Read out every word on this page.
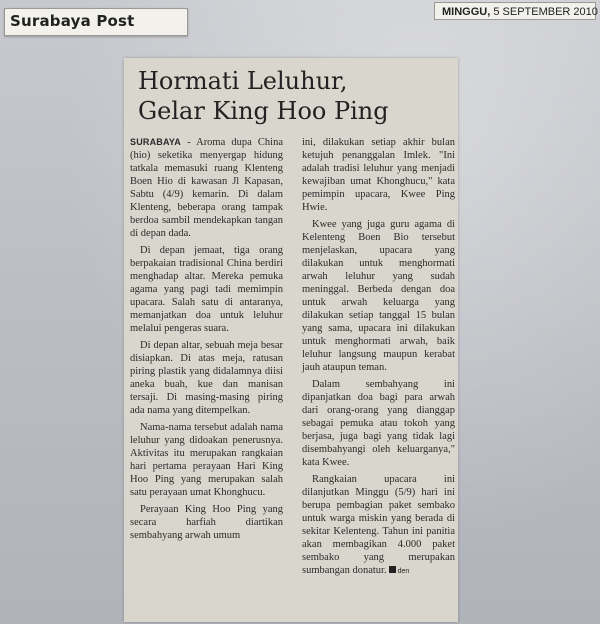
Surabaya Post	MINGGU, 5 SEPTEMBER 2010
Hormati Leluhur,
Gelar King Hoo Ping

SURABAYA - Aroma dupa China (hio) seketika menyergap hidung tatkala memasuki ruang Klenteng Boen Hio di kawasan Jl Kapasan, Sabtu (4/9) kemarin. Di dalam Klenteng, beberapa orang tampak berdoa sambil mendekapkan tangan di depan dada.

Di depan jemaat, tiga orang berpakaian tradisional China berdiri menghadap altar. Mereka pemuka agama yang pagi tadi memimpin upacara. Salah satu di antaranya, memanjatkan doa untuk leluhur melalui pengeras suara.

Di depan altar, sebuah meja besar disiapkan. Di atas meja, ratusan piring plastik yang didalamnya diisi aneka buah, kue dan manisan tersaji. Di masing-masing piring ada nama yang ditempelkan.

Nama-nama tersebut adalah nama leluhur yang didoakan penerusnya. Aktivitas itu merupakan rangkaian hari pertama perayaan Hari King Hoo Ping yang merupakan salah satu perayaan umat Khonghucu.

Perayaan King Hoo Ping yang secara harfiah diartikan sembahyang arwah umum

ini, dilakukan setiap akhir bulan ketujuh penanggalan Imlek. "Ini adalah tradisi leluhur yang menjadi kewajiban umat Khonghucu," kata pemimpin upacara, Kwee Ping Hwie.

Kwee yang juga guru agama di Kelenteng Boen Bio tersebut menjelaskan, upacara yang dilakukan untuk menghormati arwah leluhur yang sudah meninggal. Berbeda dengan doa untuk arwah keluarga yang dilakukan setiap tanggal 15 bulan yang sama, upacara ini dilakukan untuk menghormati arwah, baik leluhur langsung maupun kerabat jauh ataupun teman.

Dalam sembahyang ini dipanjatkan doa bagi para arwah dari orang-orang yang dianggap sebagai pemuka atau tokoh yang berjasa, juga bagi yang tidak lagi disembahyangi oleh keluarganya," kata Kwee.

Rangkaian upacara ini dilanjutkan Minggu (5/9) hari ini berupa pembagian paket sembako untuk warga miskin yang berada di sekitar Kelenteng. Tahun ini panitia akan membagikan 4.000 paket sembako yang merupakan sumbangan donatur. den
